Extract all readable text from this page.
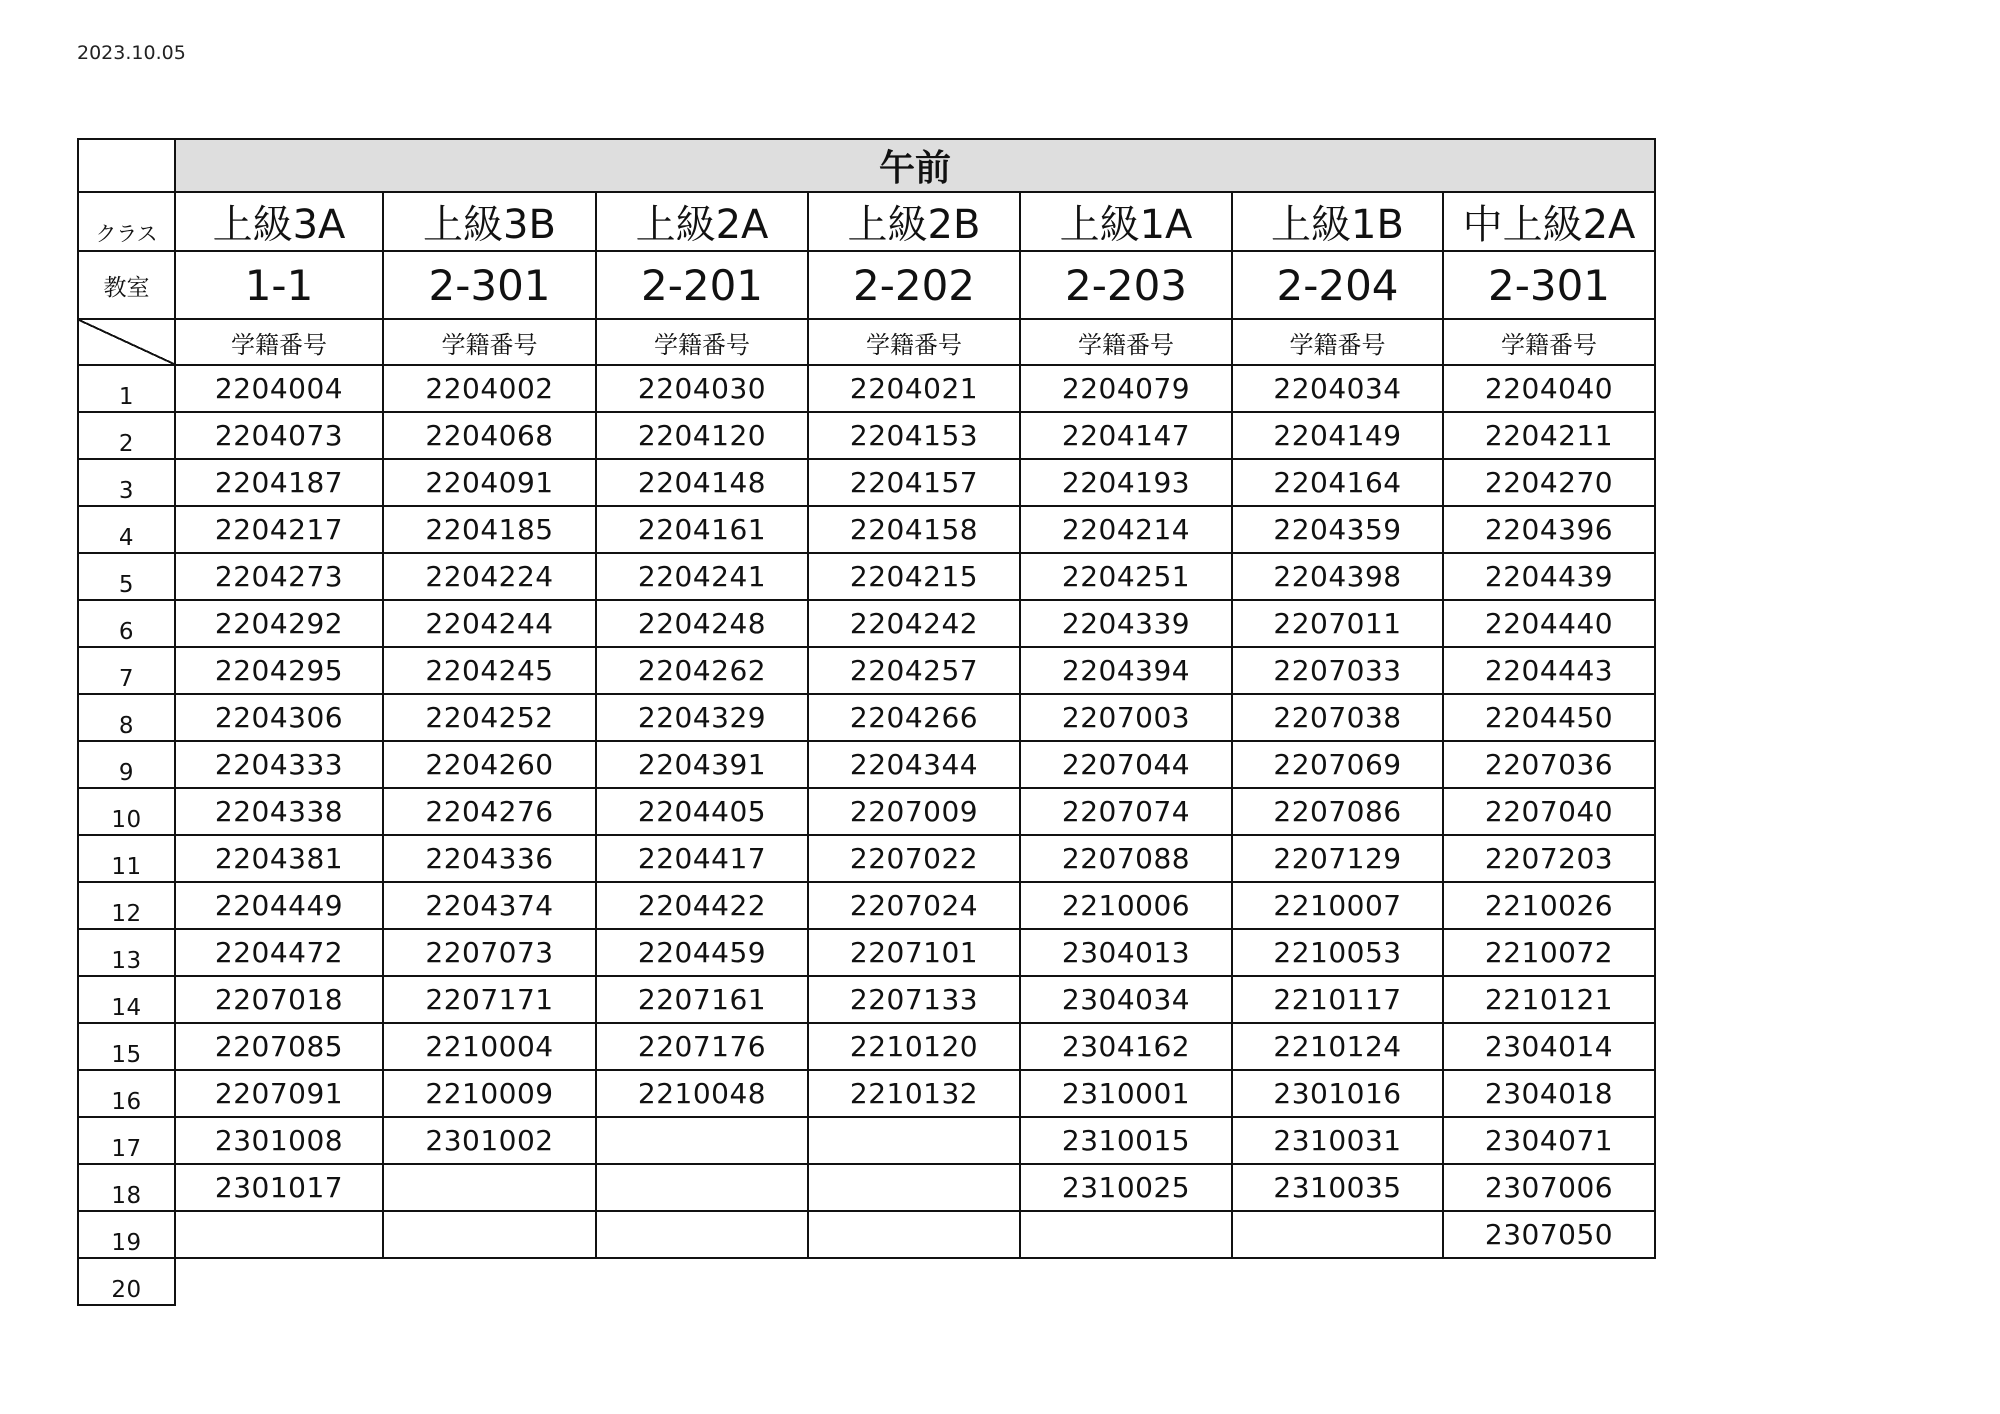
2023.10.05
	午前						
クラス	上級3A	上級3B	上級2A	上級2B	上級1A	上級1B	中上級2A
教室	1-1	2-301	2-201	2-202	2-203	2-204	2-301
	学籍番号	学籍番号	学籍番号	学籍番号	学籍番号	学籍番号	学籍番号
1	2204004	2204002	2204030	2204021	2204079	2204034	2204040
2	2204073	2204068	2204120	2204153	2204147	2204149	2204211
3	2204187	2204091	2204148	2204157	2204193	2204164	2204270
4	2204217	2204185	2204161	2204158	2204214	2204359	2204396
5	2204273	2204224	2204241	2204215	2204251	2204398	2204439
6	2204292	2204244	2204248	2204242	2204339	2207011	2204440
7	2204295	2204245	2204262	2204257	2204394	2207033	2204443
8	2204306	2204252	2204329	2204266	2207003	2207038	2204450
9	2204333	2204260	2204391	2204344	2207044	2207069	2207036
10	2204338	2204276	2204405	2207009	2207074	2207086	2207040
11	2204381	2204336	2204417	2207022	2207088	2207129	2207203
12	2204449	2204374	2204422	2207024	2210006	2210007	2210026
13	2204472	2207073	2204459	2207101	2304013	2210053	2210072
14	2207018	2207171	2207161	2207133	2304034	2210117	2210121
15	2207085	2210004	2207176	2210120	2304162	2210124	2304014
16	2207091	2210009	2210048	2210132	2310001	2301016	2304018
17	2301008	2301002			2310015	2310031	2304071
18	2301017				2310025	2310035	2307006
19							2307050
20							
